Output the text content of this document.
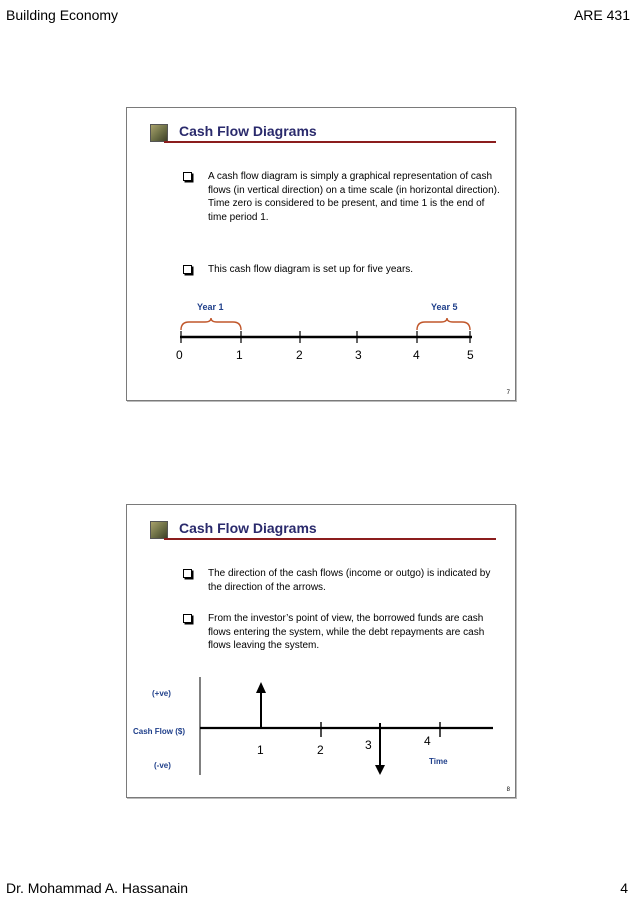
Building Economy	ARE 431
Cash Flow Diagrams
A cash flow diagram is simply a graphical representation of cash flows (in vertical direction) on a time scale (in horizontal direction). Time zero is considered to be present, and time 1 is the end of time period 1.
This cash flow diagram is set up for five years.
Year 1	Year 5
0	1	2	3	4	5
7
Cash Flow Diagrams
The direction of the cash flows (income or outgo) is indicated by the direction of the arrows.
From the investor’s point of view, the borrowed funds are cash flows entering the system, while the debt repayments are cash flows leaving the system.
(+ve)
Cash Flow ($)
(-ve)	Time
1	2	3	4
8
Dr. Mohammad A. Hassanain	4
